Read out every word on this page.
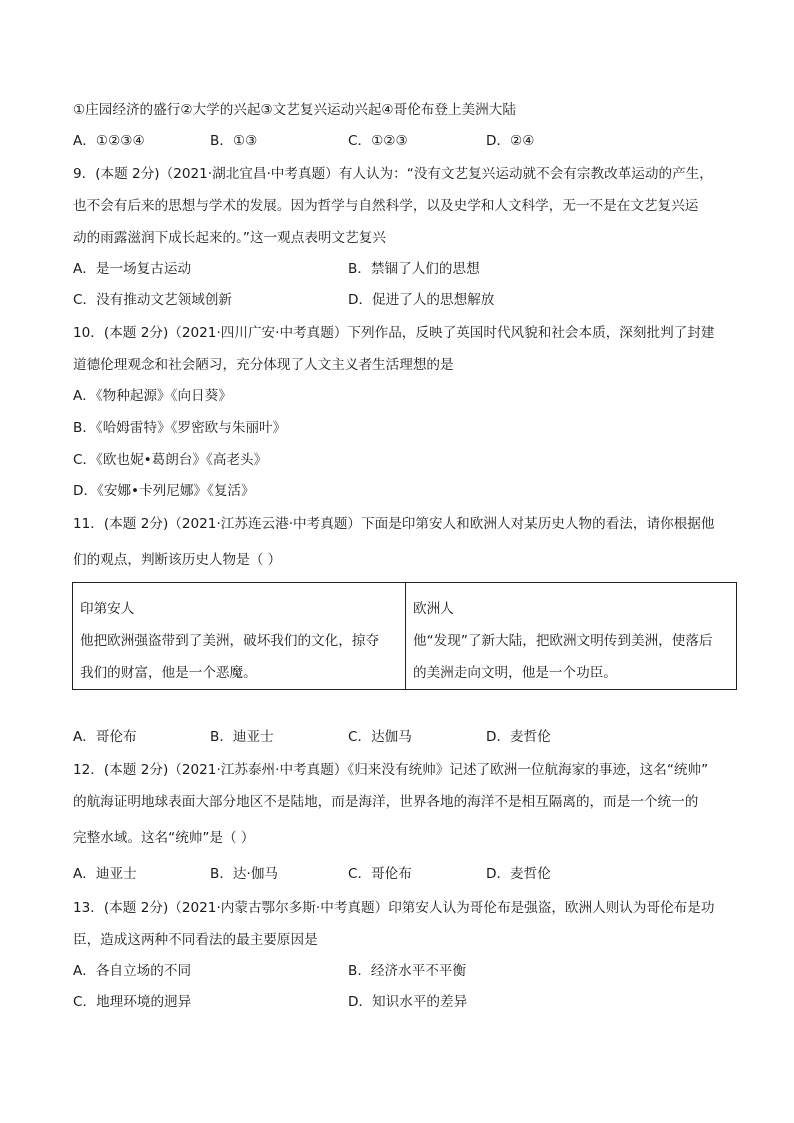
①庄园经济的盛行②大学的兴起③文艺复兴运动兴起④哥伦布登上美洲大陆
A．①②③④	B．①③	C．①②③	D．②④
9．(本题 2分)（2021·湖北宜昌·中考真题）有人认为：“没有文艺复兴运动就不会有宗教改革运动的产生，
也不会有后来的思想与学术的发展。因为哲学与自然科学，以及史学和人文科学，无一不是在文艺复兴运
动的雨露滋润下成长起来的。”这一观点表明文艺复兴
A．是一场复古运动	B．禁锢了人们的思想
C．没有推动文艺领域创新	D．促进了人的思想解放
10．(本题 2分)（2021·四川广安·中考真题）下列作品，反映了英国时代风貌和社会本质，深刻批判了封建
道德伦理观念和社会陋习，充分体现了人文主义者生活理想的是
A．《物种起源》《向日葵》
B．《哈姆雷特》《罗密欧与朱丽叶》
C．《欧也妮•葛朗台》《高老头》
D．《安娜•卡列尼娜》《复活》
11．(本题 2分)（2021·江苏连云港·中考真题）下面是印第安人和欧洲人对某历史人物的看法，请你根据他
们的观点，判断该历史人物是（ ）

印第安人

他把欧洲强盗带到了美洲，破坏我们的文化，掠夺

我们的财富，他是一个恶魔。

欧洲人

他“发现”了新大陆，把欧洲文明传到美洲，使落后

的美洲走向文明，他是一个功臣。

A．哥伦布	B．迪亚士	C．达伽马	D．麦哲伦
12．(本题 2分)（2021·江苏泰州·中考真题）《归来没有统帅》记述了欧洲一位航海家的事迹，这名“统帅”
的航海证明地球表面大部分地区不是陆地，而是海洋，世界各地的海洋不是相互隔离的，而是一个统一的
完整水域。这名“统帅”是（ ）
A．迪亚士	B．达·伽马	C．哥伦布	D．麦哲伦
13．(本题 2分)（2021·内蒙古鄂尔多斯·中考真题）印第安人认为哥伦布是强盗，欧洲人则认为哥伦布是功
臣，造成这两种不同看法的最主要原因是
A．各自立场的不同	B．经济水平不平衡
C．地理环境的迥异	D．知识水平的差异
